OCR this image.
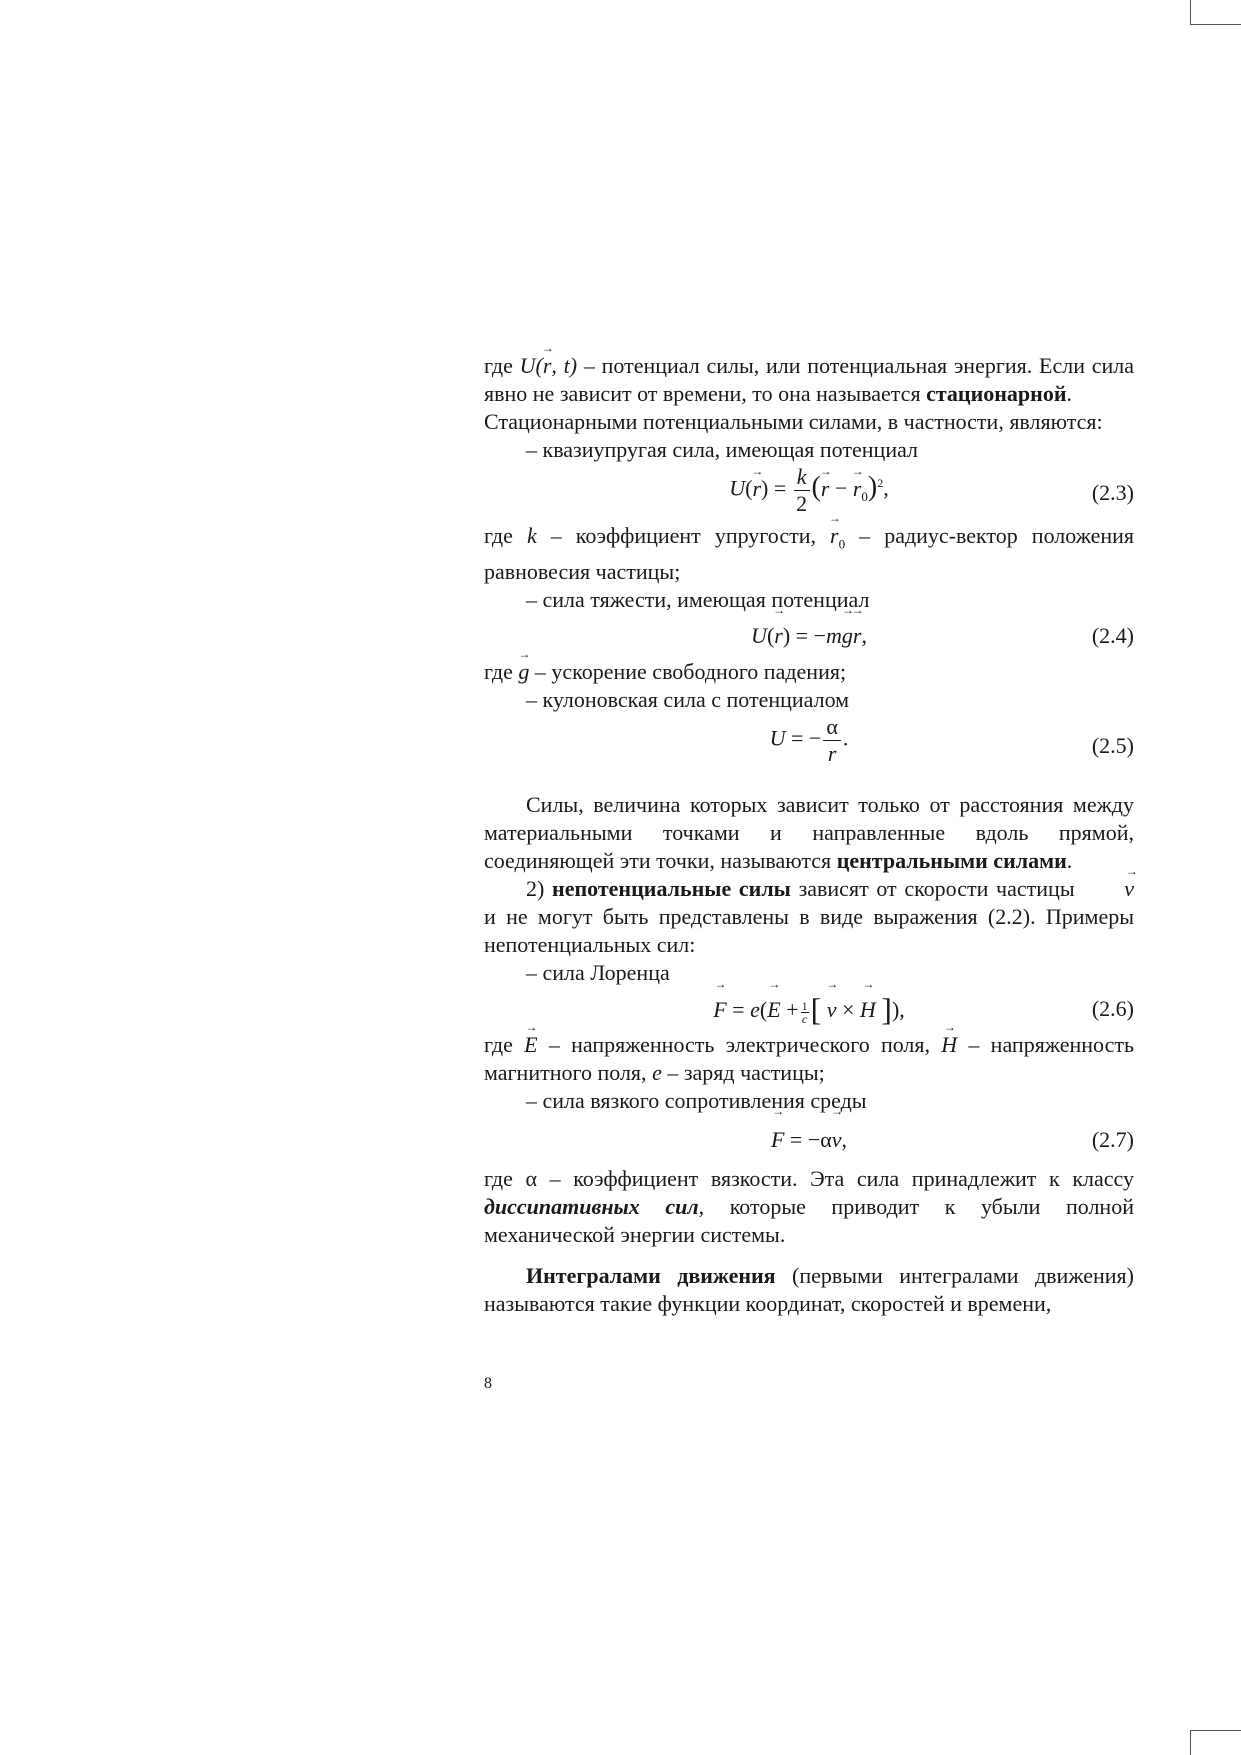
где U(→ r, t) – потенциал силы, или потенциальная энергия. Если сила явно не зависит от времени, то она называется стационарной.

Стационарными потенциальными силами, в частности, являются:

– квазиупругая сила, имеющая потенциал

$U(\to r) = \frac{k}{2}$ (→ r − → $r_0)^2$,	(2.3)

где k – коэффициент упругости, → $r_0$ – радиус-вектор положения равновесия частицы;

– сила тяжести, имеющая потенциал

U(→ r) = −m→ g→ r,	(2.4)

где → g – ускорение свободного падения;

– кулоновская сила с потенциалом

U = − $\frac{\alpha}{r}$ .	(2.5)

Силы, величина которых зависит только от расстояния между материальными точками и направленные вдоль прямой, соединяющей эти точки, называются центральными силами.

2) непотенциальные силы зависят от скорости частицы → v и не могут быть представлены в виде выражения (2.2). Примеры непотенциальных сил:

– сила Лоренца

→ $F = e(\to E + \frac{1}{c}$ [ → v × → H ]),	(2.6)

где → E – напряженность электрического поля, → H – напряженность магнитного поля, e – заряд частицы;

– сила вязкого сопротивления среды

→ F = −α→ v,	(2.7)

где α – коэффициент вязкости. Эта сила принадлежит к классу диссипативных сил, которые приводит к убыли полной механической энергии системы.

Интегралами движения (первыми интегралами движения) называются такие функции координат, скоростей и времени,

8
